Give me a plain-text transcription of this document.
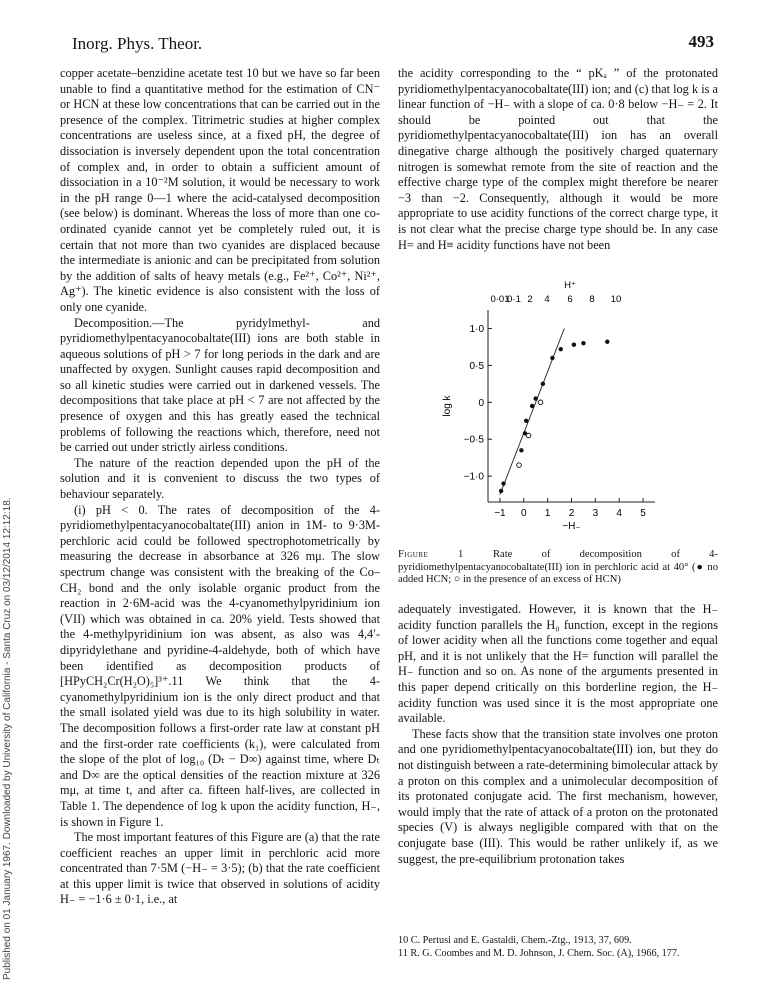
Inorg. Phys. Theor.	493
Published on 01 January 1967. Downloaded by University of California - Santa Cruz on 03/12/2014 12:12:18.

copper acetate–benzidine acetate test 10 but we have so far been unable to find a quantitative method for the estimation of CN⁻ or HCN at these low concentrations that can be carried out in the presence of the complex. Titrimetric studies at higher complex concentrations are useless since, at a fixed pH, the degree of dissociation is inversely dependent upon the total concentration of complex and, in order to obtain a sufficient amount of dissociation in a 10⁻²M solution, it would be necessary to work in the pH range 0—1 where the acid-catalysed decomposition (see below) is dominant. Whereas the loss of more than one co-ordinated cyanide cannot yet be completely ruled out, it is certain that not more than two cyanides are displaced because the intermediate is anionic and can be precipitated from solution by the addition of salts of heavy metals (e.g., Fe²⁺, Co²⁺, Ni²⁺, Ag⁺). The kinetic evidence is also consistent with the loss of only one cyanide.

Decomposition.—The pyridylmethyl- and pyridiomethylpentacyanocobaltate(III) ions are both stable in aqueous solutions of pH > 7 for long periods in the dark and are unaffected by oxygen. Sunlight causes rapid decomposition and so all kinetic studies were carried out in darkened vessels. The decompositions that take place at pH < 7 are not affected by the presence of oxygen and this has greatly eased the technical problems of following the reactions which, therefore, need not be carried out under strictly airless conditions.

The nature of the reaction depended upon the pH of the solution and it is convenient to discuss the two types of behaviour separately.

(i) pH < 0. The rates of decomposition of the 4-pyridiomethylpentacyanocobaltate(III) anion in 1M- to 9·3M-perchloric acid could be followed spectrophotometrically by measuring the decrease in absorbance at 326 mμ. The slow spectrum change was consistent with the breaking of the Co–CH₂ bond and the only isolable organic product from the reaction in 2·6M-acid was the 4-cyanomethylpyridinium ion (VII) which was obtained in ca. 20% yield. Tests showed that the 4-methylpyridinium ion was absent, as also was 4,4′-dipyridylethane and pyridine-4-aldehyde, both of which have been identified as decomposition products of [HPyCH₂Cr(H₂O)₅]³⁺.11 We think that the 4-cyanomethylpyridinium ion is the only direct product and that the small isolated yield was due to its high solubility in water. The decomposition follows a first-order rate law at constant pH and the first-order rate coefficients (k₁), were calculated from the slope of the plot of log₁₀ (Dₜ − D∞) against time, where Dₜ and D∞ are the optical densities of the reaction mixture at 326 mμ, at time t, and after ca. fifteen half-lives, are collected in Table 1. The dependence of log k upon the acidity function, H₋, is shown in Figure 1.

The most important features of this Figure are (a) that the rate coefficient reaches an upper limit in perchloric acid more concentrated than 7·5M (−H₋ = 3·5); (b) that the rate coefficient at this upper limit is twice that observed in solutions of acidity H₋ = −1·6 ± 0·1, i.e., at

the acidity corresponding to the “ pKₐ ” of the protonated pyridiomethylpentacyanocobaltate(III) ion; and (c) that log k is a linear function of −H₋ with a slope of ca. 0·8 below −H₋ = 2. It should be pointed out that the pyridiomethylpentacyanocobaltate(III) ion has an overall dinegative charge although the positively charged quaternary nitrogen is somewhat remote from the site of reaction and the effective charge type of the complex might therefore be nearer −3 than −2. Consequently, although it would be more appropriate to use acidity functions of the correct charge type, it is not clear what the precise charge type should be. In any case H= and H≡ acidity functions have not been

−1 0 1 2 3 4 5
−H₋
1·0
0·5
0
−0·5
−1·0
log k
0·01
0·1 2 4 6 8 10
H⁺
Figure 1	Rate of decomposition of 4-pyridiomethylpentacyanocobaltate(III) ion in perchloric acid at 40° (● no added HCN; ○ in the presence of an excess of HCN)

adequately investigated. However, it is known that the H₋ acidity function parallels the H₀ function, except in the regions of lower acidity when all the functions come together and equal pH, and it is not unlikely that the H= function will parallel the H₋ function and so on. As none of the arguments presented in this paper depend critically on this borderline region, the H₋ acidity function was used since it is the most appropriate one available.

These facts show that the transition state involves one proton and one pyridiomethylpentacyanocobaltate(III) ion, but they do not distinguish between a rate-determining bimolecular attack by a proton on this complex and a unimolecular decomposition of its protonated conjugate acid. The first mechanism, however, would imply that the rate of attack of a proton on the protonated species (V) is always negligible compared with that on the conjugate base (III). This would be rather unlikely if, as we suggest, the pre-equilibrium protonation takes

10 C. Pertusi and E. Gastaldi, Chem.-Ztg., 1913, 37, 609.
11 R. G. Coombes and M. D. Johnson, J. Chem. Soc. (A), 1966, 177.
